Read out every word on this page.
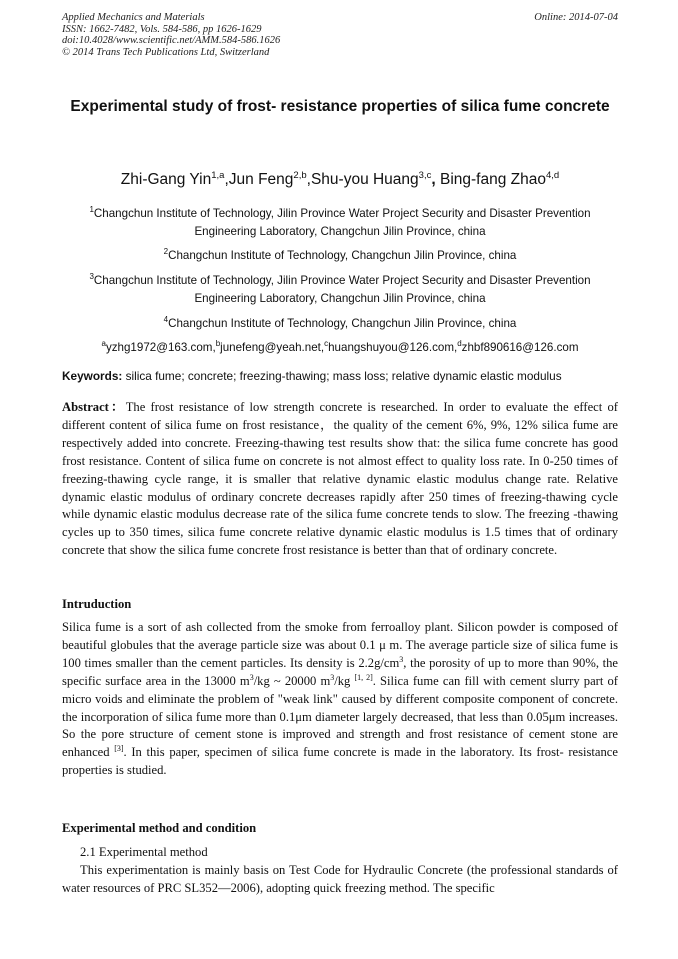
Applied Mechanics and Materials
ISSN: 1662-7482, Vols. 584-586, pp 1626-1629
doi:10.4028/www.scientific.net/AMM.584-586.1626
© 2014 Trans Tech Publications Ltd, Switzerland
Online: 2014-07-04
Experimental study of frost- resistance properties of silica fume concrete
Zhi-Gang Yin$^{1,a}$,Jun Feng$^{2,b}$,Shu-you Huang$^{3,c}$, Bing-fang Zhao$^{4,d}$
$^1$Changchun Institute of Technology, Jilin Province Water Project Security and Disaster Prevention Engineering Laboratory, Changchun Jilin Province, china
$^2$Changchun Institute of Technology, Changchun Jilin Province, china
$^3$Changchun Institute of Technology, Jilin Province Water Project Security and Disaster Prevention Engineering Laboratory, Changchun Jilin Province, china
$^4$Changchun Institute of Technology, Changchun Jilin Province, china
$^a$yzhg1972@163.com,$^b$junefeng@yeah.net,$^c$huangshuyou@126.com,$^d$zhbf890616@126.com
Keywords: silica fume; concrete; freezing-thawing; mass loss; relative dynamic elastic modulus
Abstract：The frost resistance of low strength concrete is researched. In order to evaluate the effect of different content of silica fume on frost resistance，the quality of the cement 6%, 9%, 12% silica fume are respectively added into concrete. Freezing-thawing test results show that: the silica fume concrete has good frost resistance. Content of silica fume on concrete is not almost effect to quality loss rate. In 0-250 times of freezing-thawing cycle range, it is smaller that relative dynamic elastic modulus change rate. Relative dynamic elastic modulus of ordinary concrete decreases rapidly after 250 times of freezing-thawing cycle while dynamic elastic modulus decrease rate of the silica fume concrete tends to slow. The freezing -thawing cycles up to 350 times, silica fume concrete relative dynamic elastic modulus is 1.5 times that of ordinary concrete that show the silica fume concrete frost resistance is better than that of ordinary concrete.
Intruduction
Silica fume is a sort of ash collected from the smoke from ferroalloy plant. Silicon powder is composed of beautiful globules that the average particle size was about 0.1 μ m. The average particle size of silica fume is 100 times smaller than the cement particles. Its density is $2.2g/cm^3$, the porosity of up to more than 90%, the specific surface area in the 13000 $m^3/kg$ ~ 20000 $m^3/kg$ [1, 2]. Silica fume can fill with cement slurry part of micro voids and eliminate the problem of "weak link" caused by different composite component of concrete. the incorporation of silica fume more than 0.1μm diameter largely decreased, that less than 0.05μm increases. So the pore structure of cement stone is improved and strength and frost resistance of cement stone are enhanced [3]. In this paper, specimen of silica fume concrete is made in the laboratory. Its frost- resistance properties is studied.
Experimental method and condition
2.1 Experimental method
This experimentation is mainly basis on Test Code for Hydraulic Concrete (the professional standards of water resources of PRC SL352—2006), adopting quick freezing method. The specific
